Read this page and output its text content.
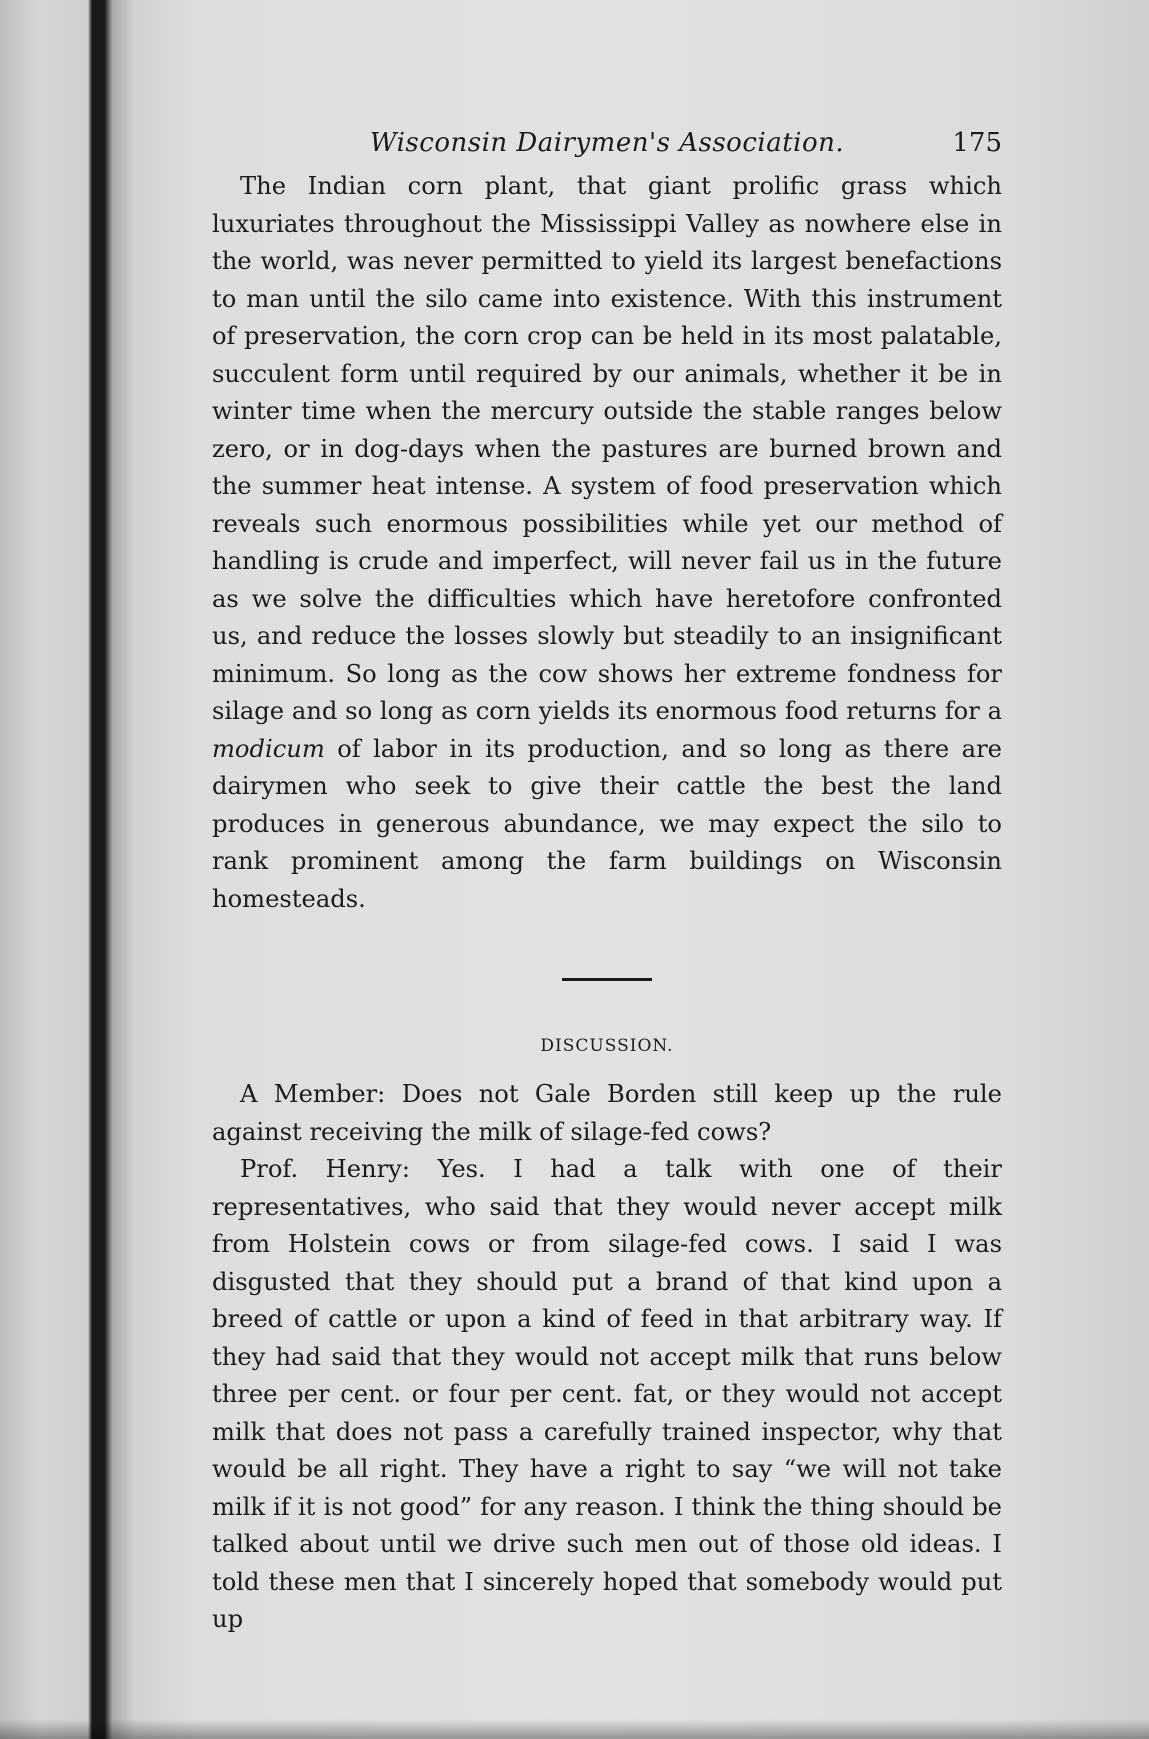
Wisconsin Dairymen's Association.	175

The Indian corn plant, that giant prolific grass which luxuriates throughout the Mississippi Valley as nowhere else in the world, was never permitted to yield its largest benefactions to man until the silo came into existence. With this instrument of preservation, the corn crop can be held in its most palatable, succulent form until required by our animals, whether it be in winter time when the mercury outside the stable ranges below zero, or in dog-days when the pastures are burned brown and the summer heat intense. A system of food preservation which reveals such enormous possibilities while yet our method of handling is crude and imperfect, will never fail us in the future as we solve the difficulties which have heretofore confronted us, and reduce the losses slowly but steadily to an insignificant minimum. So long as the cow shows her extreme fondness for silage and so long as corn yields its enormous food returns for a modicum of labor in its production, and so long as there are dairymen who seek to give their cattle the best the land produces in generous abundance, we may expect the silo to rank prominent among the farm buildings on Wisconsin homesteads.

DISCUSSION.

A Member: Does not Gale Borden still keep up the rule against receiving the milk of silage-fed cows?

Prof. Henry: Yes. I had a talk with one of their representatives, who said that they would never accept milk from Holstein cows or from silage-fed cows. I said I was disgusted that they should put a brand of that kind upon a breed of cattle or upon a kind of feed in that arbitrary way. If they had said that they would not accept milk that runs below three per cent. or four per cent. fat, or they would not accept milk that does not pass a carefully trained inspector, why that would be all right. They have a right to say “we will not take milk if it is not good” for any reason. I think the thing should be talked about until we drive such men out of those old ideas. I told these men that I sincerely hoped that somebody would put up
